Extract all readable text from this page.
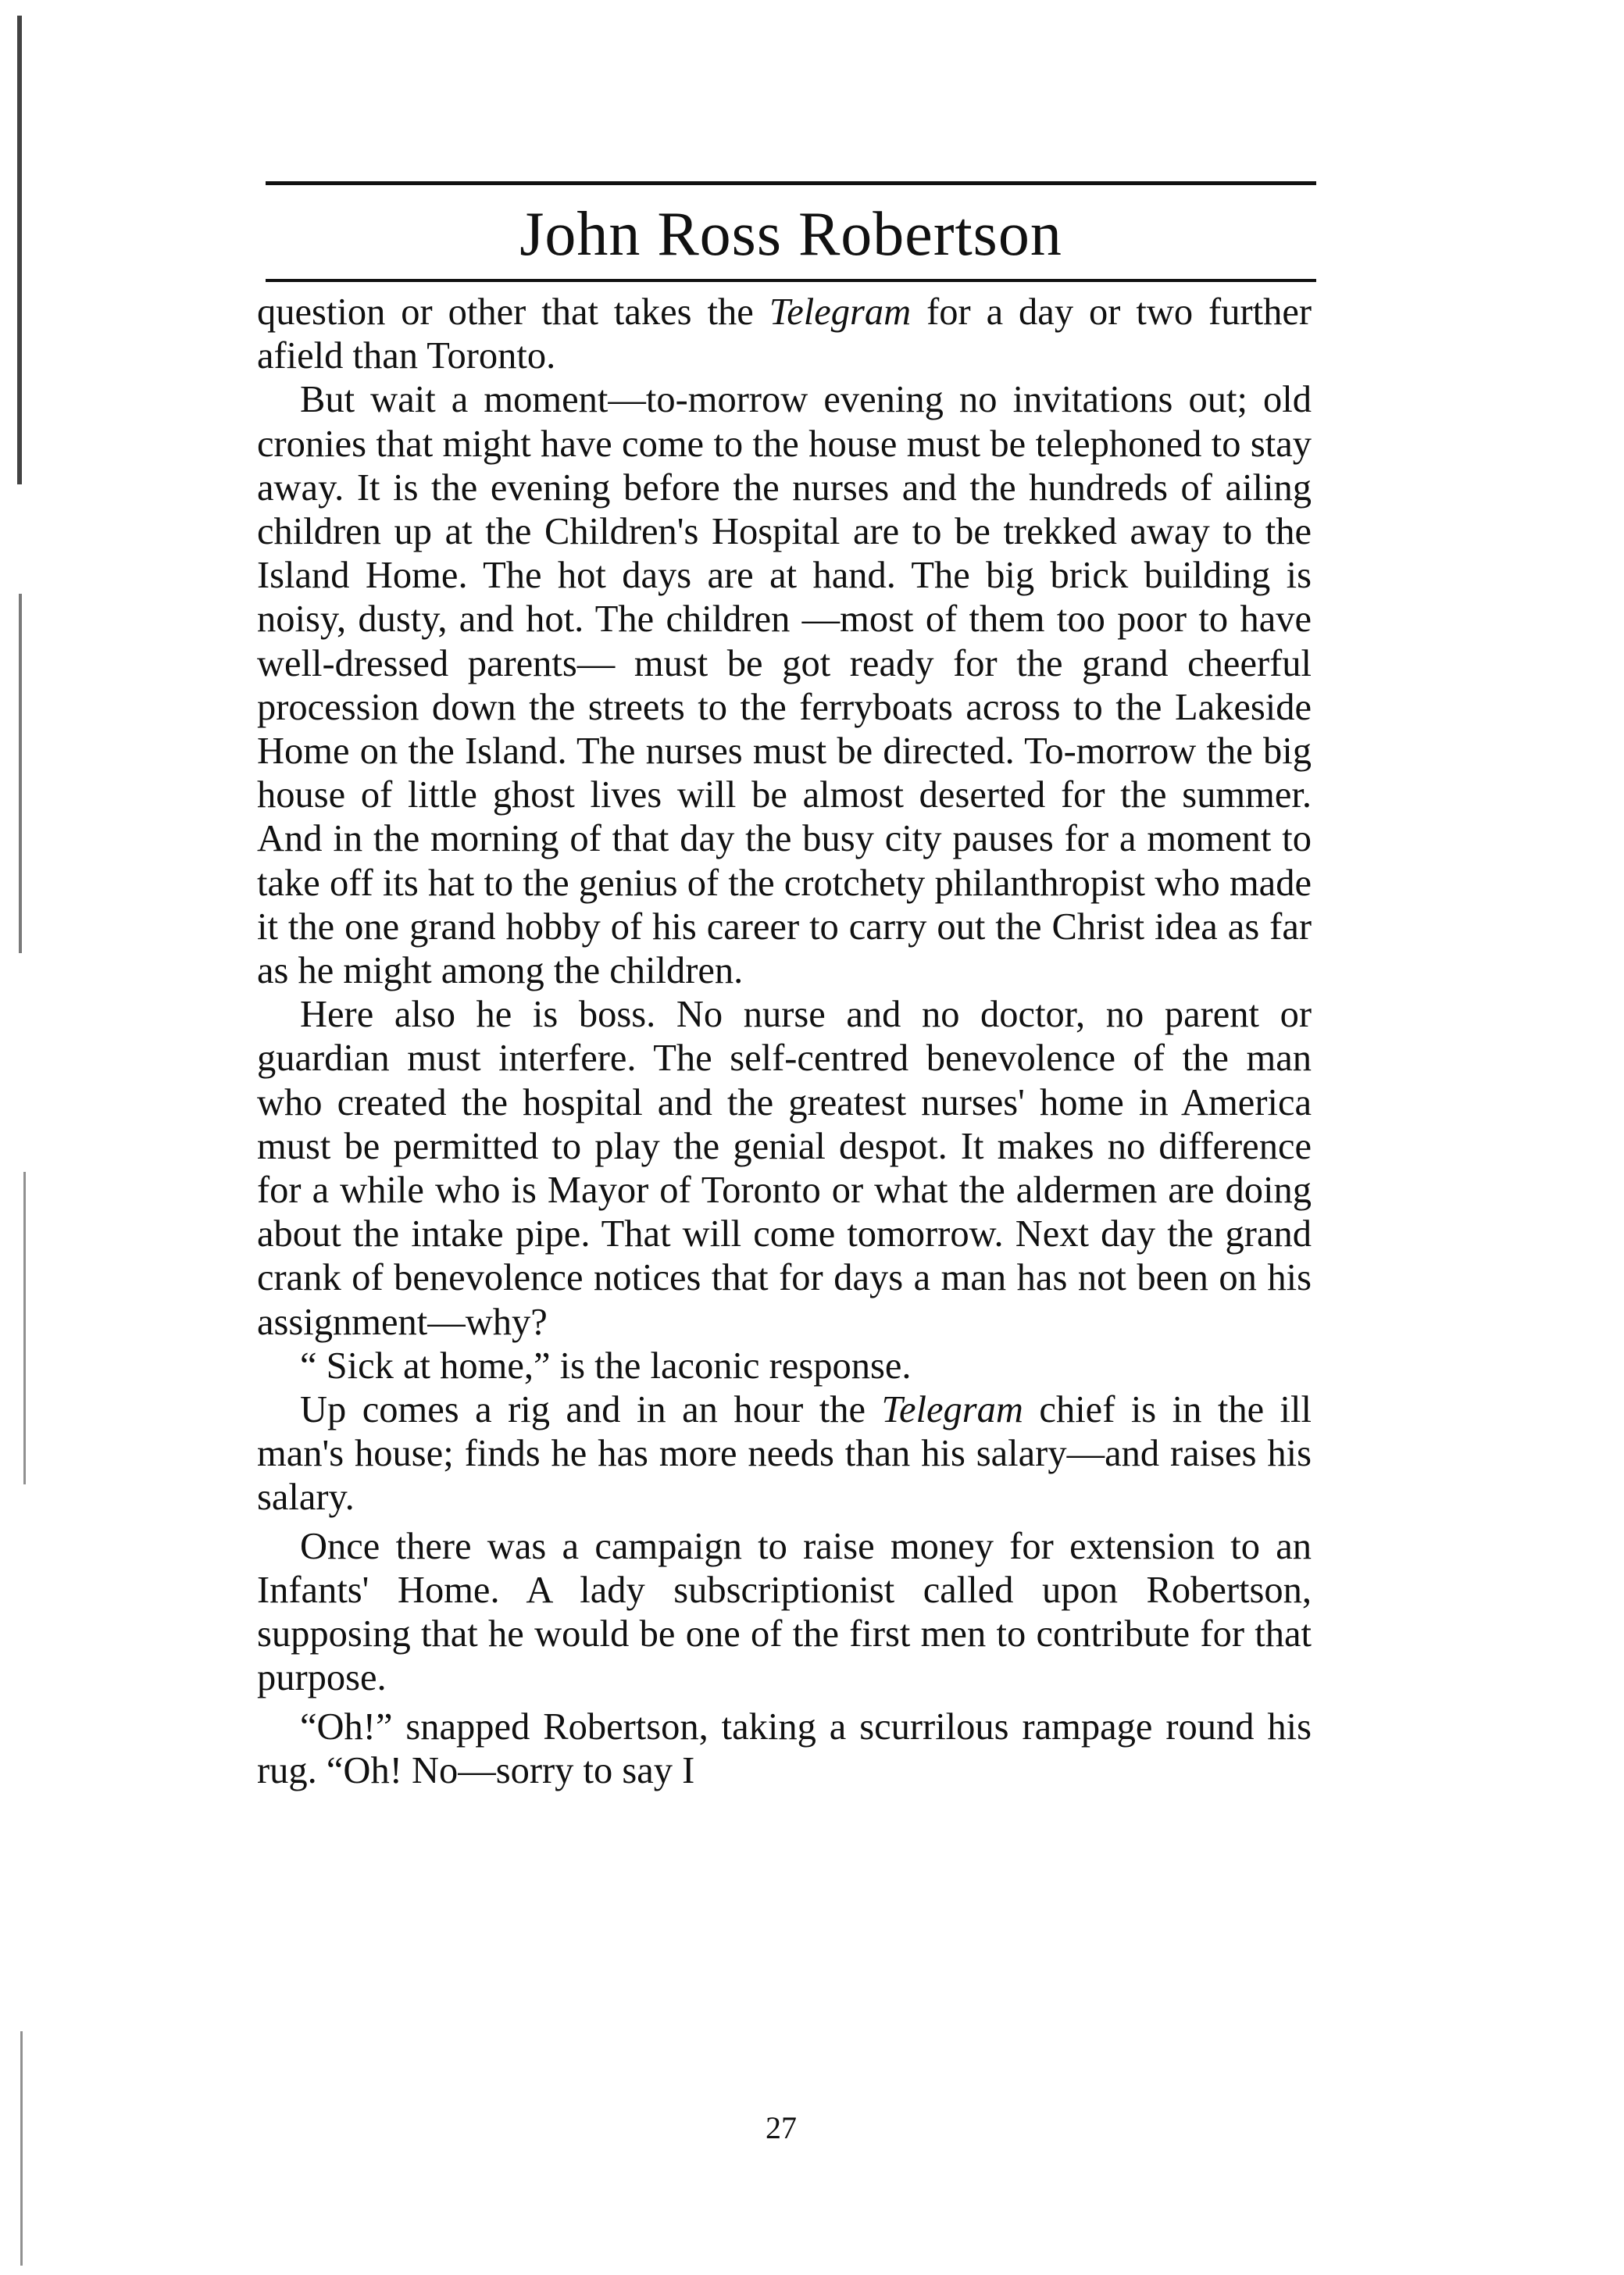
John Ross Robertson

question or other that takes the Telegram for a day or two further afield than Toronto.

But wait a moment—to-morrow evening no invitations out; old cronies that might have come to the house must be telephoned to stay away. It is the evening before the nurses and the hundreds of ailing children up at the Children's Hospital are to be trekked away to the Island Home. The hot days are at hand. The big brick building is noisy, dusty, and hot. The children —most of them too poor to have well-dressed parents— must be got ready for the grand cheerful procession down the streets to the ferryboats across to the Lakeside Home on the Island. The nurses must be directed. To-morrow the big house of little ghost lives will be almost deserted for the summer. And in the morning of that day the busy city pauses for a moment to take off its hat to the genius of the crotchety philanthropist who made it the one grand hobby of his career to carry out the Christ idea as far as he might among the children.

Here also he is boss. No nurse and no doctor, no parent or guardian must interfere. The self-centred benevolence of the man who created the hospital and the greatest nurses' home in America must be permitted to play the genial despot. It makes no difference for a while who is Mayor of Toronto or what the aldermen are doing about the intake pipe. That will come tomorrow. Next day the grand crank of benevolence notices that for days a man has not been on his assignment—why?

“ Sick at home,” is the laconic response.

Up comes a rig and in an hour the Telegram chief is in the ill man's house; finds he has more needs than his salary—and raises his salary.

Once there was a campaign to raise money for extension to an Infants' Home. A lady subscriptionist called upon Robertson, supposing that he would be one of the first men to contribute for that purpose.

“Oh!” snapped Robertson, taking a scurrilous rampage round his rug. “Oh! No—sorry to say I

27
